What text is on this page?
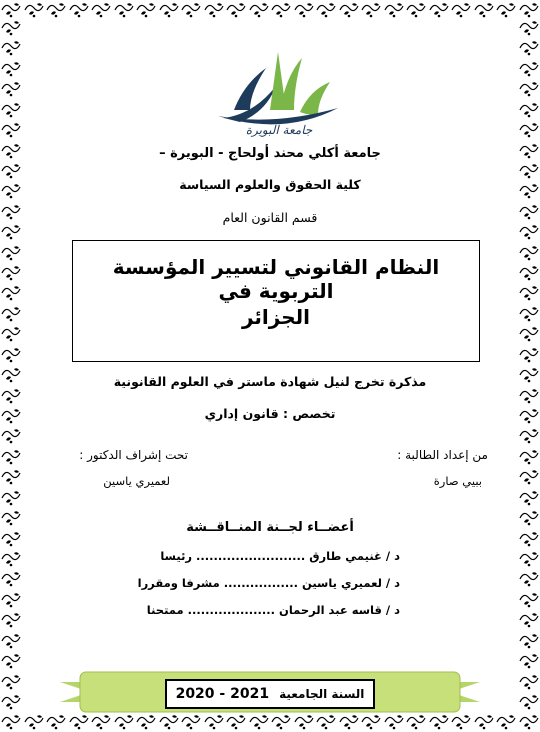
جامعة البويرة
جامعة أكلي محند أولحاج - البويرة –
كلية الحقوق والعلوم السياسة
قسم القانون العام
النظام القانوني لتسيير المؤسسة التربوية في
الجزائر
مذكرة تخرج لنيل شهادة ماستر في العلوم القانونية
تخصص : قانون إداري
من إعداد الطالبة :
ببيي صارة
تحت إشراف الدكتور :
لعميري ياسين
أعضــاء لجــنة المنــاقــشة
د / غنيمي طارق ......................... رئيسا
د / لعميري ياسين ................. مشرفا ومقررا
د / قاسه عبد الرحمان .................... ممتحنا
السنة الجامعية
2020 - 2021
